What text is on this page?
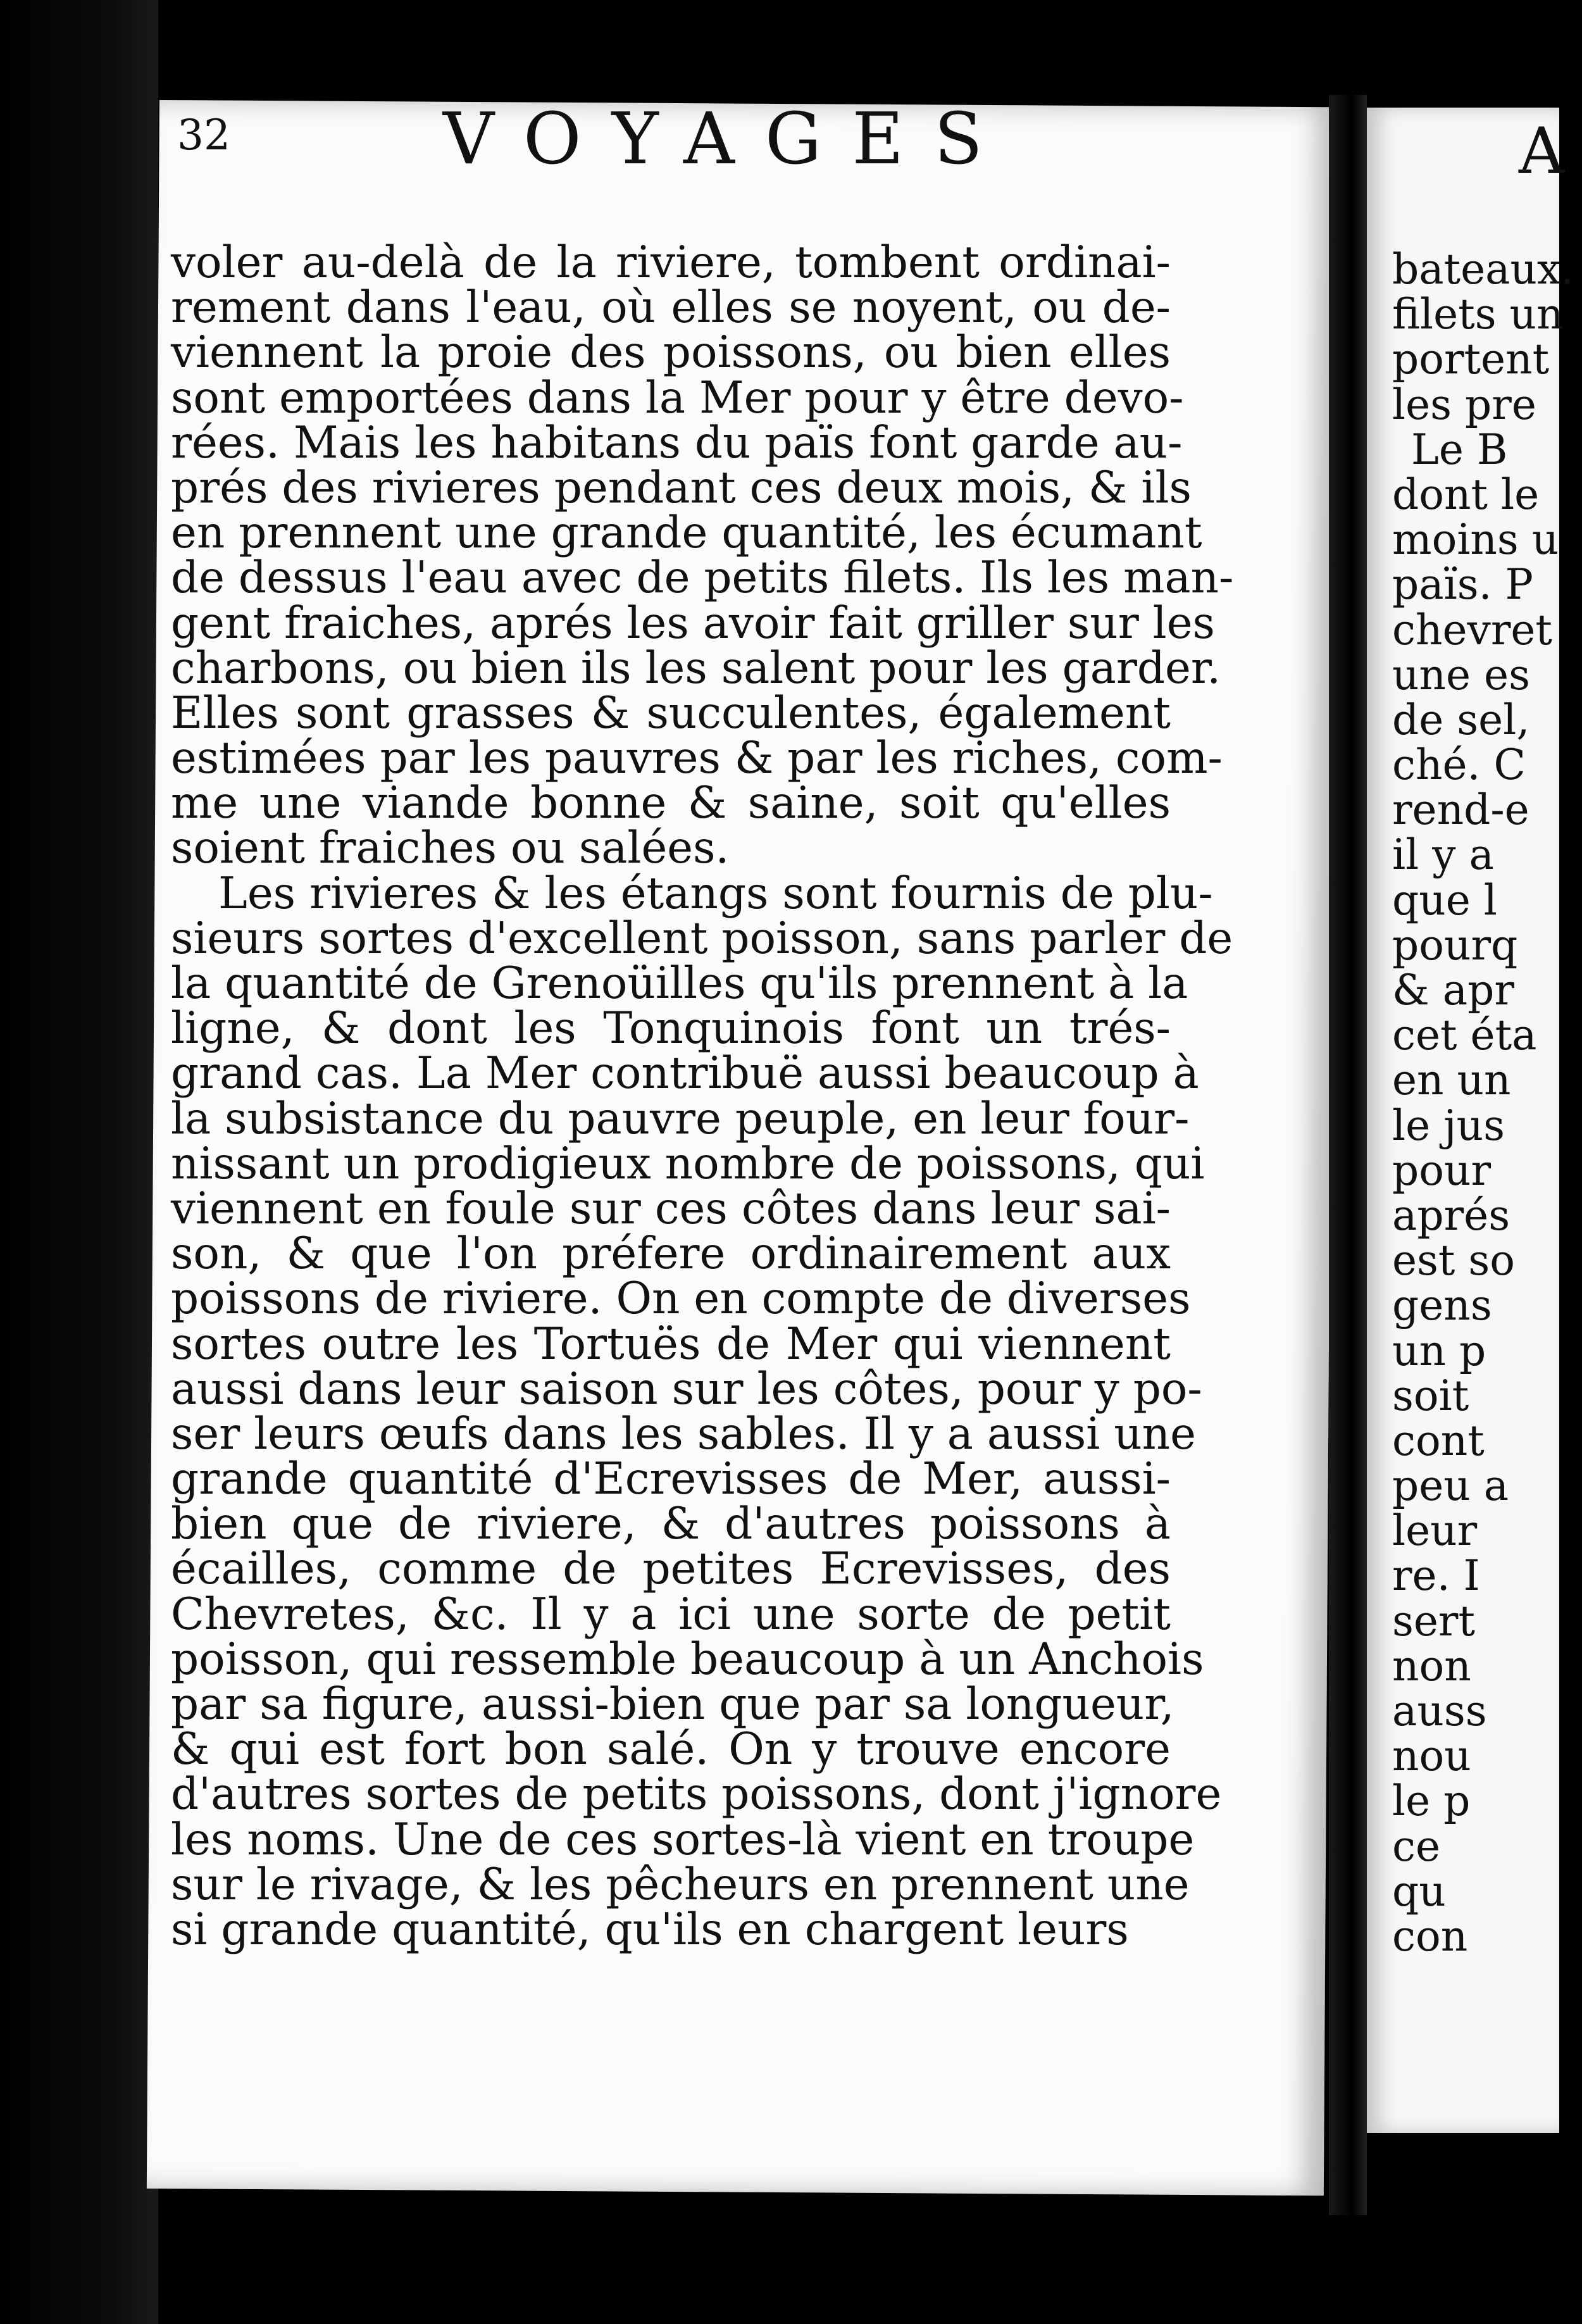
A
bateaux.
filets un
portent
les pre
Le B
dont le
moins u
païs. P
chevret
une es
de sel,
ché. C
rend-e
il y a
que l
pourq
& apr
cet éta
en un
le jus
pour
aprés
est so
gens
un p
soit
cont
peu a
leur
re. I
sert
non
auss
nou
le p
ce
qu
con
32	VOYAGES
voler au-delà de la riviere, tombent ordinai-
rement dans l'eau, où elles se noyent, ou de-
viennent la proie des poissons, ou bien elles
sont emportées dans la Mer pour y être devo-
rées. Mais les habitans du païs font garde au-
prés des rivieres pendant ces deux mois, & ils
en prennent une grande quantité, les écumant
de dessus l'eau avec de petits filets. Ils les man-
gent fraiches, aprés les avoir fait griller sur les
charbons, ou bien ils les salent pour les garder.
Elles sont grasses & succulentes, également
estimées par les pauvres & par les riches, com-
me une viande bonne & saine, soit qu'elles
soient fraiches ou salées.
Les rivieres & les étangs sont fournis de plu-
sieurs sortes d'excellent poisson, sans parler de
la quantité de Grenoüilles qu'ils prennent à la
ligne, & dont les Tonquinois font un trés-
grand cas. La Mer contribuë aussi beaucoup à
la subsistance du pauvre peuple, en leur four-
nissant un prodigieux nombre de poissons, qui
viennent en foule sur ces côtes dans leur sai-
son, & que l'on préfere ordinairement aux
poissons de riviere. On en compte de diverses
sortes outre les Tortuës de Mer qui viennent
aussi dans leur saison sur les côtes, pour y po-
ser leurs œufs dans les sables. Il y a aussi une
grande quantité d'Ecrevisses de Mer, aussi-
bien que de riviere, & d'autres poissons à
écailles, comme de petites Ecrevisses, des
Chevretes, &c. Il y a ici une sorte de petit
poisson, qui ressemble beaucoup à un Anchois
par sa figure, aussi-bien que par sa longueur,
& qui est fort bon salé. On y trouve encore
d'autres sortes de petits poissons, dont j'ignore
les noms. Une de ces sortes-là vient en troupe
sur le rivage, & les pêcheurs en prennent une
si grande quantité, qu'ils en chargent leurs
